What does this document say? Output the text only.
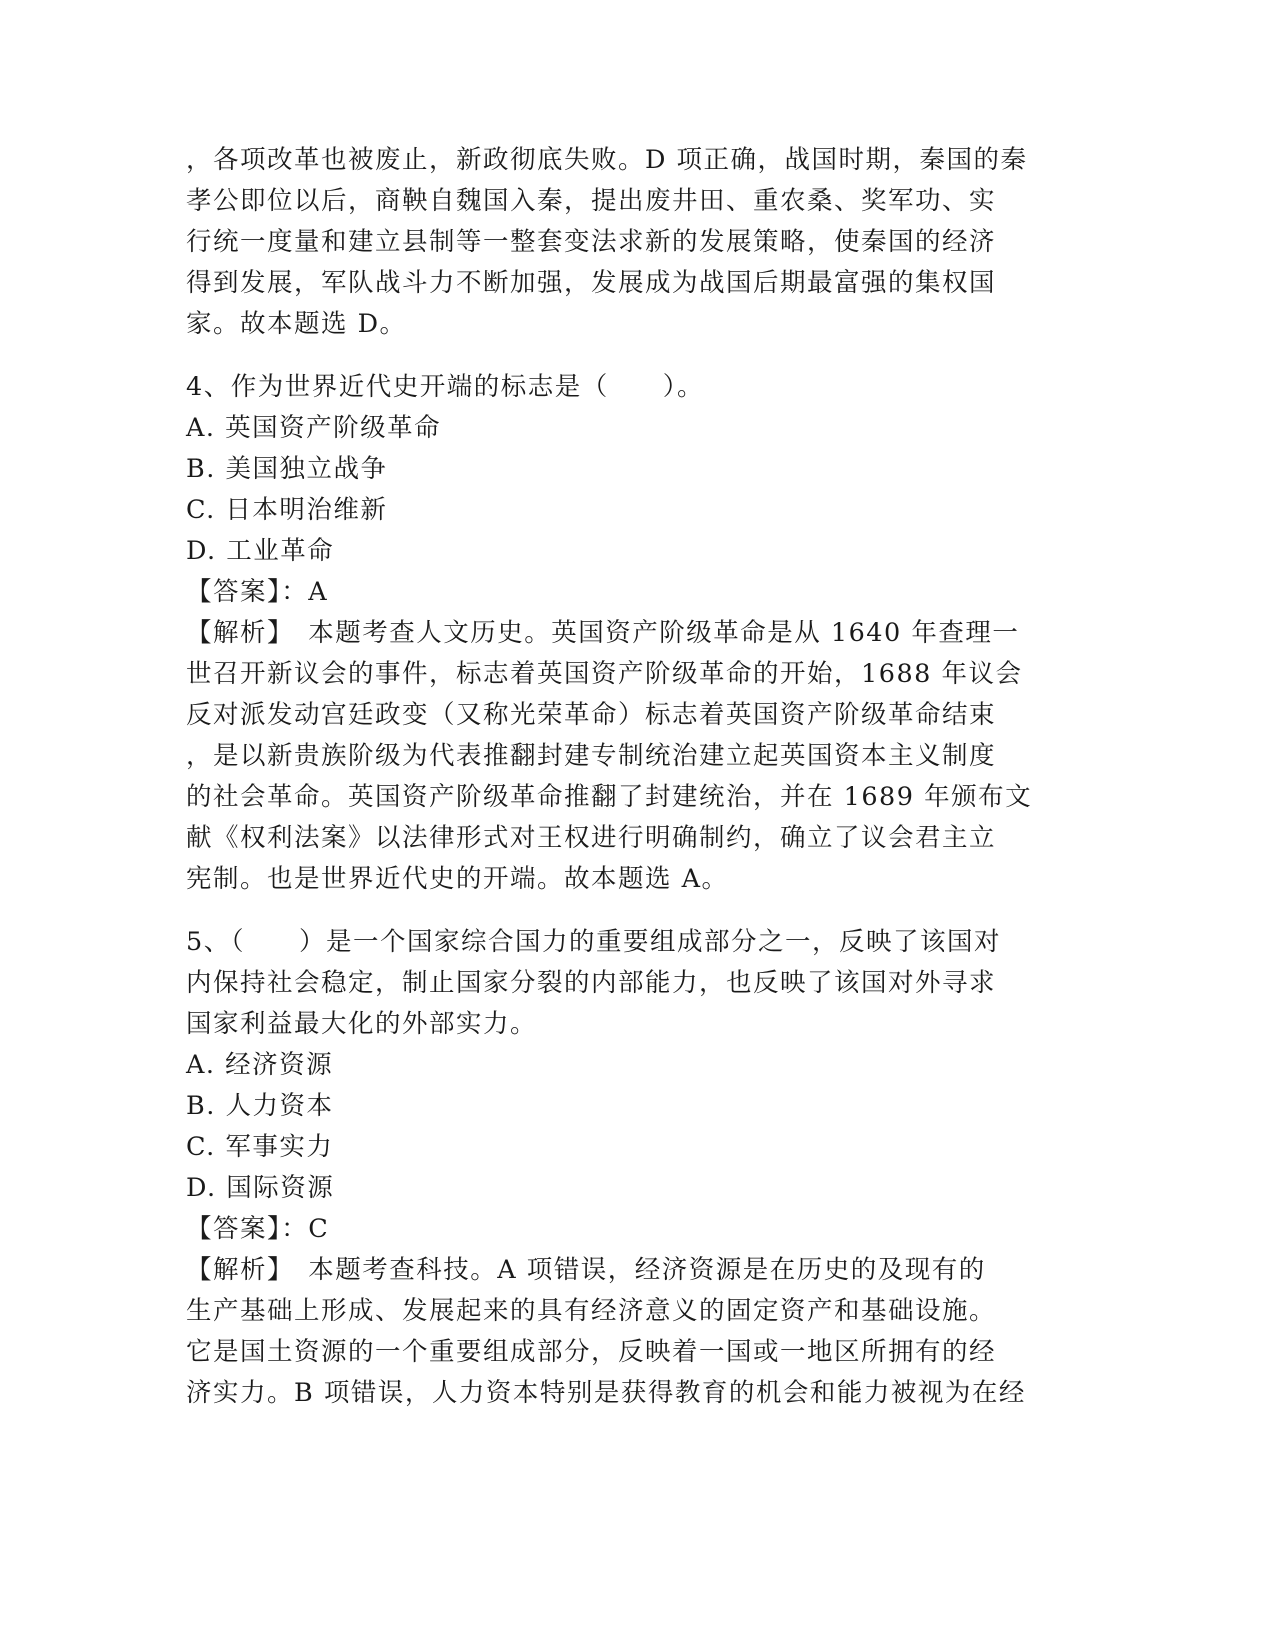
，各项改革也被废止，新政彻底失败。D 项正确，战国时期，秦国的秦
孝公即位以后，商鞅自魏国入秦，提出废井田、重农桑、奖军功、实
行统一度量和建立县制等一整套变法求新的发展策略，使秦国的经济
得到发展，军队战斗力不断加强，发展成为战国后期最富强的集权国
家。故本题选 D。
4、作为世界近代史开端的标志是（　　）。
A. 英国资产阶级革命
B. 美国独立战争
C. 日本明治维新
D. 工业革命
【答案】：A
【解析】　本题考查人文历史。英国资产阶级革命是从 1640 年查理一
世召开新议会的事件，标志着英国资产阶级革命的开始，1688 年议会
反对派发动宫廷政变（又称光荣革命）标志着英国资产阶级革命结束
，是以新贵族阶级为代表推翻封建专制统治建立起英国资本主义制度
的社会革命。英国资产阶级革命推翻了封建统治，并在 1689 年颁布文
献《权利法案》以法律形式对王权进行明确制约，确立了议会君主立
宪制。也是世界近代史的开端。故本题选 A。
5、（　　）是一个国家综合国力的重要组成部分之一，反映了该国对
内保持社会稳定，制止国家分裂的内部能力，也反映了该国对外寻求
国家利益最大化的外部实力。
A. 经济资源
B. 人力资本
C. 军事实力
D. 国际资源
【答案】：C
【解析】　本题考查科技。A 项错误，经济资源是在历史的及现有的
生产基础上形成、发展起来的具有经济意义的固定资产和基础设施。
它是国土资源的一个重要组成部分，反映着一国或一地区所拥有的经
济实力。B 项错误，人力资本特别是获得教育的机会和能力被视为在经
